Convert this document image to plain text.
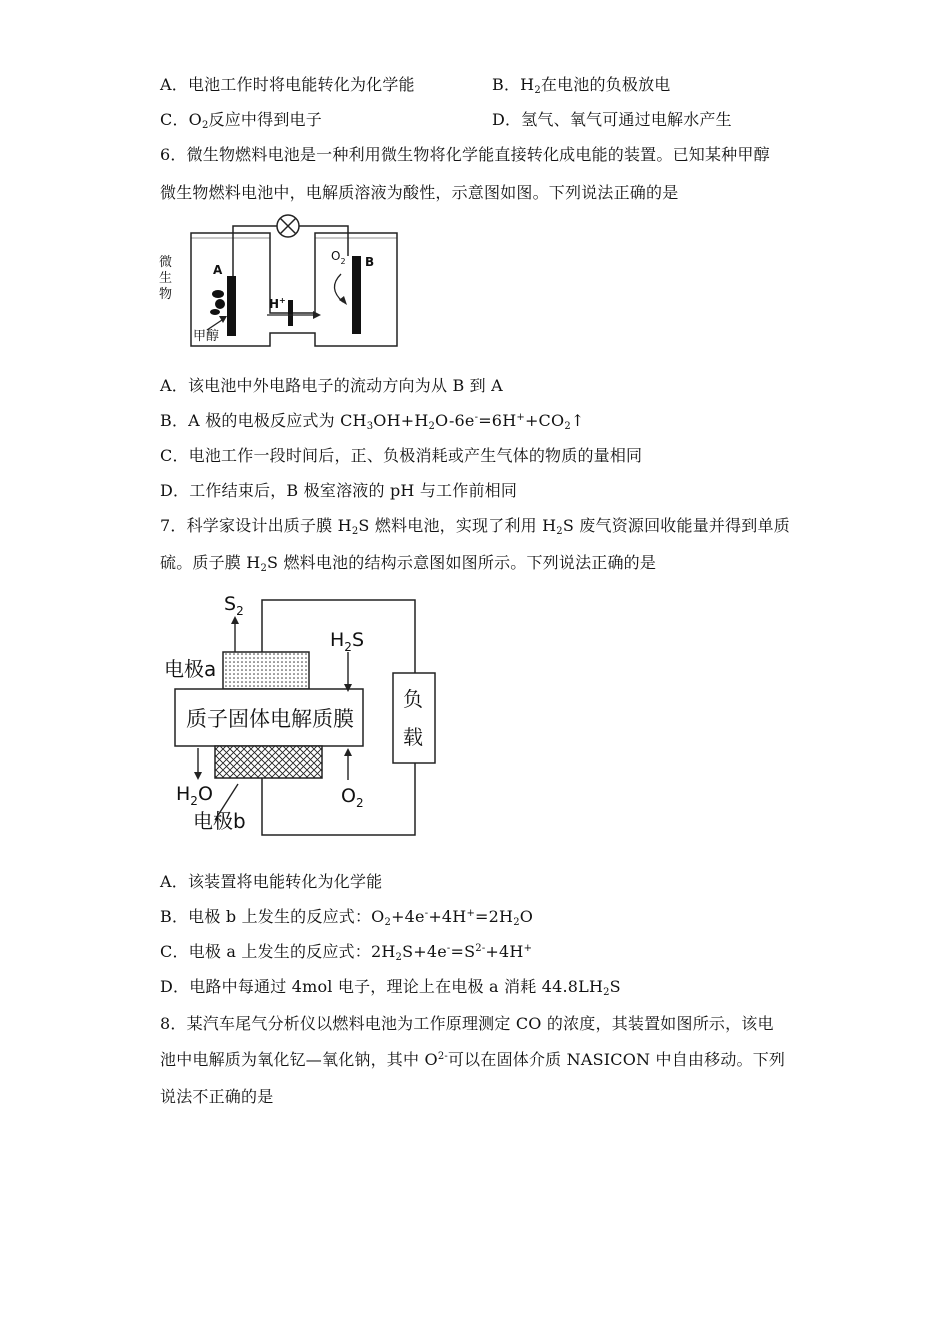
A．电池工作时将电能转化为化学能	B．$H_2$在电池的负极放电
C．$O_2$反应中得到电子	D．氢气、氧气可通过电解水产生
6．微生物燃料电池是一种利用微生物将化学能直接转化成电能的装置。已知某种甲醇
微生物燃料电池中，电解质溶液为酸性，示意图如图。下列说法正确的是
微
生
物
A
B
甲醇
H+
$O_2$
A．该电池中外电路电子的流动方向为从 B 到 A
B．A 极的电极反应式为 $CH_3OH+H_2O-6e^-=6H^++CO_2↑$
C．电池工作一段时间后，正、负极消耗或产生气体的物质的量相同
D．工作结束后，B 极室溶液的 pH 与工作前相同
7．科学家设计出质子膜 $H_2S$ 燃料电池，实现了利用 $H_2S$ 废气资源回收能量并得到单质
硫。质子膜 $H_2S$ 燃料电池的结构示意图如图所示。下列说法正确的是
$S_2$
$H_2S$
电极a
质子固体电解质膜
负
载
$H_2O$	$O_2$
电极b
A．该装置将电能转化为化学能
B．电极 b 上发生的反应式：$O_2+4e^-+4H^+=2H_2O$
C．电极 a 上发生的反应式：$2H_2S+4e^-=S^{2-}+4H^+$
D．电路中每通过 4mol 电子，理论上在电极 a 消耗 $44.8LH_2S$
8．某汽车尾气分析仪以燃料电池为工作原理测定 CO 的浓度，其装置如图所示，该电
池中电解质为氧化钇—氧化钠，其中 $O^{2-}$可以在固体介质 NASICON 中自由移动。下列
说法不正确的是
